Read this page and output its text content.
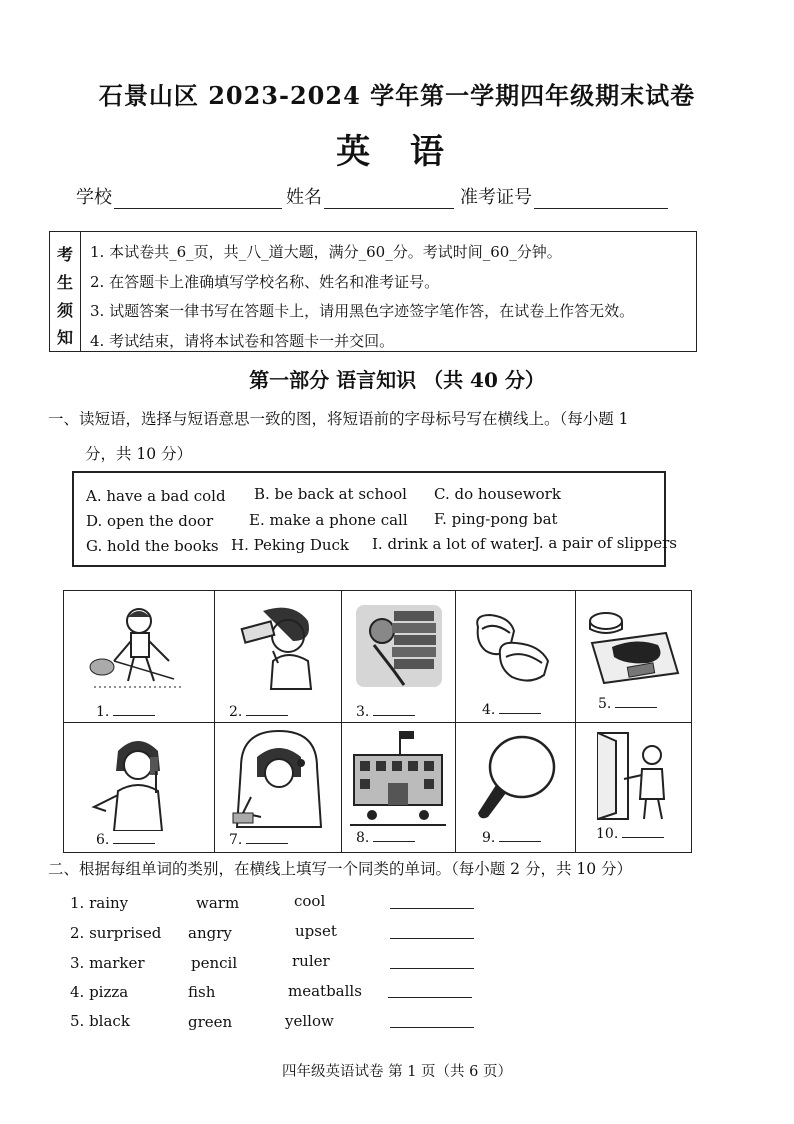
石景山区 2023-2024 学年第一学期四年级期末试卷
英 语
学校	姓名	准考证号
考
生
须
知
1. 本试卷共_6_页，共_八_道大题，满分_60_分。考试时间_60_分钟。
2. 在答题卡上准确填写学校名称、姓名和准考证号。
3. 试题答案一律书写在答题卡上，请用黑色字迹签字笔作答，在试卷上作答无效。
4. 考试结束，请将本试卷和答题卡一并交回。
第一部分 语言知识 （共 40 分）
一、读短语，选择与短语意思一致的图，将短语前的字母标号写在横线上。（每小题 1
分，共 10 分）
A. have a bad cold B. be back at school C. do housework
D. open the door E. make a phone call F. ping-pong bat
G. hold the books H. Peking Duck I. drink a lot of water J. a pair of slippers
1.	2.	3.	4.	5.
6.	7.	8.	9.	10.
二、根据每组单词的类别，在横线上填写一个同类的单词。（每小题 2 分，共 10 分）
1. rainy	warm	cool
2. surprised angry	upset
3. marker	pencil	ruler
4. pizza	fish	meatballs
5. black	green	yellow
四年级英语试卷 第 1 页（共 6 页）
